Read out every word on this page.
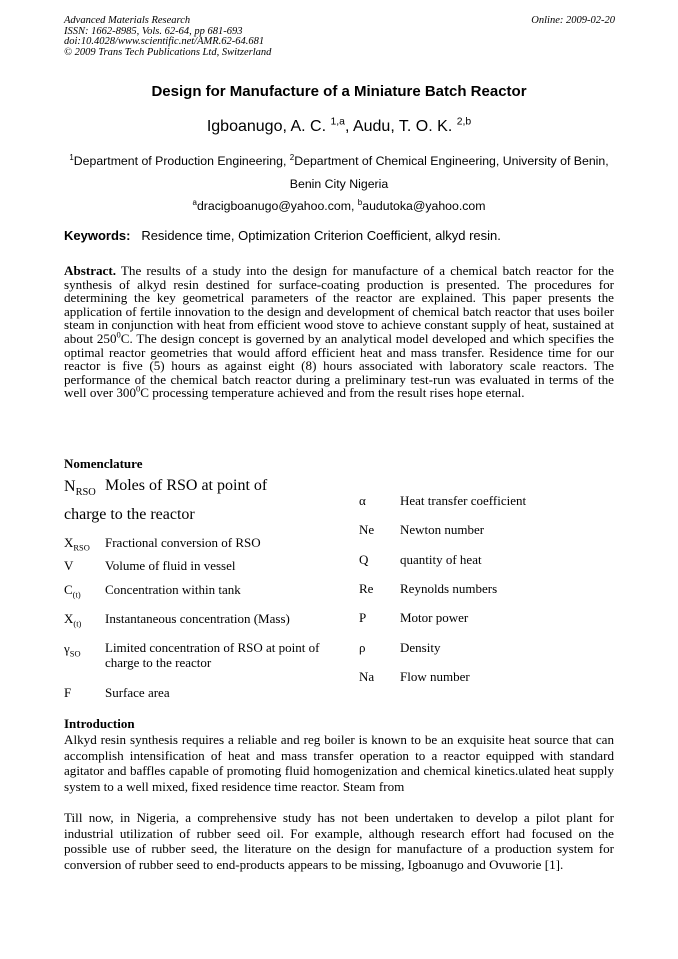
Advanced Materials Research
ISSN: 1662-8985, Vols. 62-64, pp 681-693
doi:10.4028/www.scientific.net/AMR.62-64.681
© 2009 Trans Tech Publications Ltd, Switzerland
Online: 2009-02-20
Design for Manufacture of a Miniature Batch Reactor
Igboanugo, A. C. $^{1,a}$, Audu, T. O. K. $^{2,b}$
$^1$Department of Production Engineering, $^2$Department of Chemical Engineering, University of Benin, Benin City Nigeria
$^a$dracigboanugo@yahoo.com, $^b$audutoka@yahoo.com
Keywords: Residence time, Optimization Criterion Coefficient, alkyd resin.
Abstract. The results of a study into the design for manufacture of a chemical batch reactor for the synthesis of alkyd resin destined for surface-coating production is presented. The procedures for determining the key geometrical parameters of the reactor are explained. This paper presents the application of fertile innovation to the design and development of chemical batch reactor that uses boiler steam in conjunction with heat from efficient wood stove to achieve constant supply of heat, sustained at about $250^0C$. The design concept is governed by an analytical model developed and which specifies the optimal reactor geometries that would afford efficient heat and mass transfer. Residence time for our reactor is five (5) hours as against eight (8) hours associated with laboratory scale reactors. The performance of the chemical batch reactor during a preliminary test-run was evaluated in terms of the well over $300^0C$ processing temperature achieved and from the result rises hope eternal.
Nomenclature
$N_{RSO}$ Moles of RSO at point of
charge to the reactor
$X_{RSO}$ Fractional conversion of RSO
V Volume of fluid in vessel
$C_{(t)}$ Concentration within tank
$X_{(t)}$ Instantaneous concentration (Mass)
$\gamma_{SO}$ Limited concentration of RSO at point of charge to the reactor
F	Surface area
α	Heat transfer coefficient
Ne Newton number
Q quantity of heat
Re Reynolds numbers
P	Motor power
ρ	Density
Na Flow number
Introduction
Alkyd resin synthesis requires a reliable and reg boiler is known to be an exquisite heat source that can accomplish intensification of heat and mass transfer operation to a reactor equipped with standard agitator and baffles capable of promoting fluid homogenization and chemical kinetics.ulated heat supply system to a well mixed, fixed residence time reactor. Steam from
Till now, in Nigeria, a comprehensive study has not been undertaken to develop a pilot plant for industrial utilization of rubber seed oil. For example, although research effort had focused on the possible use of rubber seed, the literature on the design for manufacture of a production system for conversion of rubber seed to end-products appears to be missing, Igboanugo and Ovuworie [1].
